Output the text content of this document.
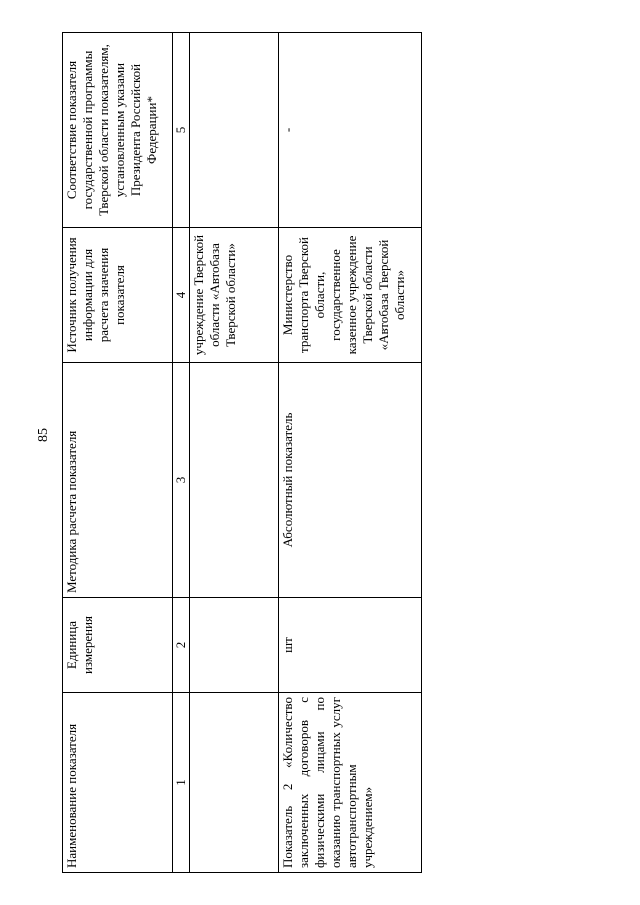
85
Наименование показателя	Единица измерения	Методика расчета показателя	Источник получения информации для расчета значения показателя	Соответствие показателя государственной программы Тверской области показателям, установленным указами Президента Российской Федерации*
1	2	3	4	5
			учреждение Тверской области «Автобаза Тверской области»	
Показатель 2 «Количество заключенных договоров с физическими лицами по оказанию транспортных услуг автотранспортным учреждением»	шт	Абсолютный показатель	Министерство транспорта Тверской области, государственное казенное учреждение Тверской области «Автобаза Тверской области»	-
